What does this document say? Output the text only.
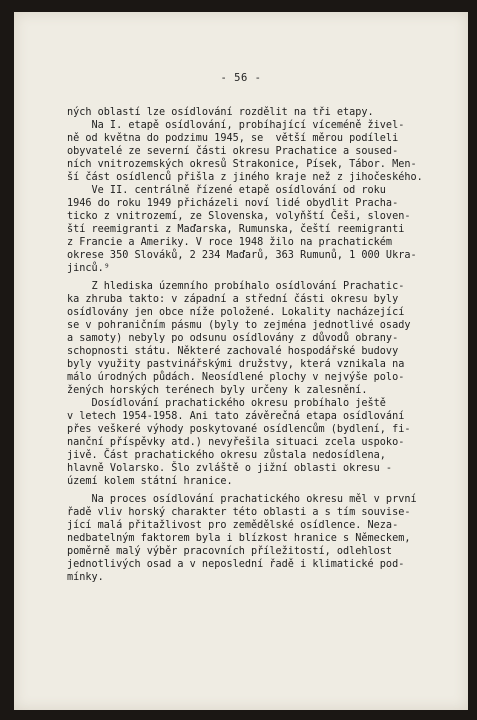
- 56 -
ných oblastí lze osídlování rozdělit na tři etapy.
Na I. etapě osídlování, probíhající víceméně živel-
ně od května do podzimu 1945, se  větší měrou podíleli
obyvatelé ze severní části okresu Prachatice a soused-
ních vnitrozemských okresů Strakonice, Písek, Tábor. Men-
ší část osídlenců přišla z jiného kraje než z jihočeského.
Ve II. centrálně řízené etapě osídlování od roku
1946 do roku 1949 přicházeli noví lidé obydlit Pracha-
ticko z vnitrozemí, ze Slovenska, volyňští Češi, sloven-
ští reemigranti z Maďarska, Rumunska, čeští reemigranti
z Francie a Ameriky. V roce 1948 žilo na prachatickém
okrese 350 Slováků, 2 234 Maďarů, 363 Rumunů, 1 000 Ukra-
jinců.⁹
Z hlediska územního probíhalo osídlování Prachatic-
ka zhruba takto: v západní a střední části okresu byly
osídlovány jen obce níže položené. Lokality nacházející
se v pohraničním pásmu (byly to zejména jednotlivé osady
a samoty) nebyly po odsunu osídlovány z důvodů obrany-
schopnosti státu. Některé zachovalé hospodářské budovy
byly využity pastvinářskými družstvy, která vznikala na
málo úrodných půdách. Neosídlené plochy v nejvýše polo-
žených horských terénech byly určeny k zalesnění.
Dosídlování prachatického okresu probíhalo ještě
v letech 1954-1958. Ani tato závěrečná etapa osídlování
přes veškeré výhody poskytované osídlencům (bydlení, fi-
nanční příspěvky atd.) nevyřešila situaci zcela uspoko-
jivě. Část prachatického okresu zůstala nedosídlena,
hlavně Volarsko. Šlo zvláště o jižní oblasti okresu -
území kolem státní hranice.
Na proces osídlování prachatického okresu měl v první
řadě vliv horský charakter této oblasti a s tím souvise-
jící malá přitažlivost pro zemědělské osídlence. Neza-
nedbatelným faktorem byla i blízkost hranice s Německem,
poměrně malý výběr pracovních příležitostí, odlehlost
jednotlivých osad a v neposlední řadě i klimatické pod-
mínky.
